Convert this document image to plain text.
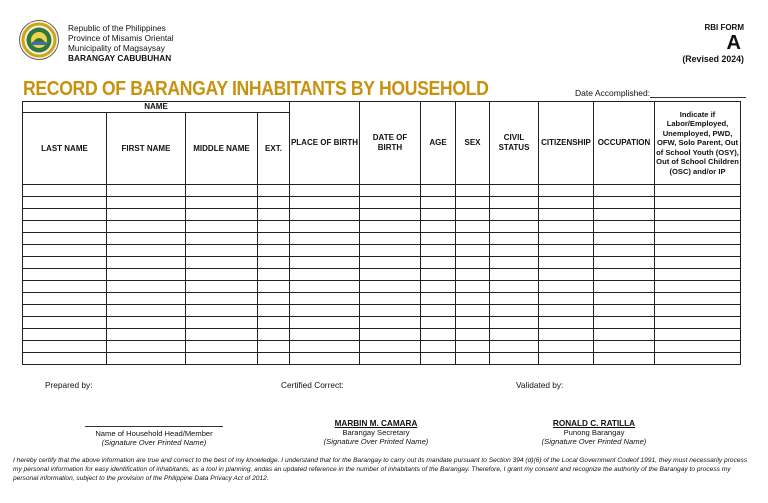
Republic of the Philippines
Province of Misamis Oriental
Municipality of Magsaysay
BARANGAY CABUBUHAN
RBI FORM
A
(Revised 2024)
RECORD OF BARANGAY INHABITANTS BY HOUSEHOLD	Date Accomplished:
NAME				PLACE OF BIRTH	DATE OF BIRTH	AGE	SEX	CIVIL STATUS	CITIZENSHIP	OCCUPATION	Indicate if Labor/Employed, Unemployed, PWD, OFW, Solo Parent, Out of School Youth (OSY), Out of School Children (OSC) and/or IP
LAST NAME	FIRST NAME	MIDDLE NAME	EXT.								

Prepared by:	Certified Correct:	Validated by:
Name of Household Head/Member
(Signature Over Printed Name)
MARBIN M. CAMARA
Barangay Secretary
(Signature Over Printed Name)
RONALD C. RATILLA
Punong Barangay
(Signature Over Printed Name)
I hereby certify that the above information are true and correct to the best of my knowledge. I understand that for the Barangay to carry out its mandate pursuant to Section 394 (d)(6) of the Local Government Codeof 1991, they must necessarily process my personal information for easy identification of inhabitants, as a tool in planning, andas an updated reference in the number of inhabitants of the Barangay. Therefore, I grant my consent and recognize the authority of the Barangay to process my personal information, subject to the provision of the Philippine Data Privacy Act of 2012.
